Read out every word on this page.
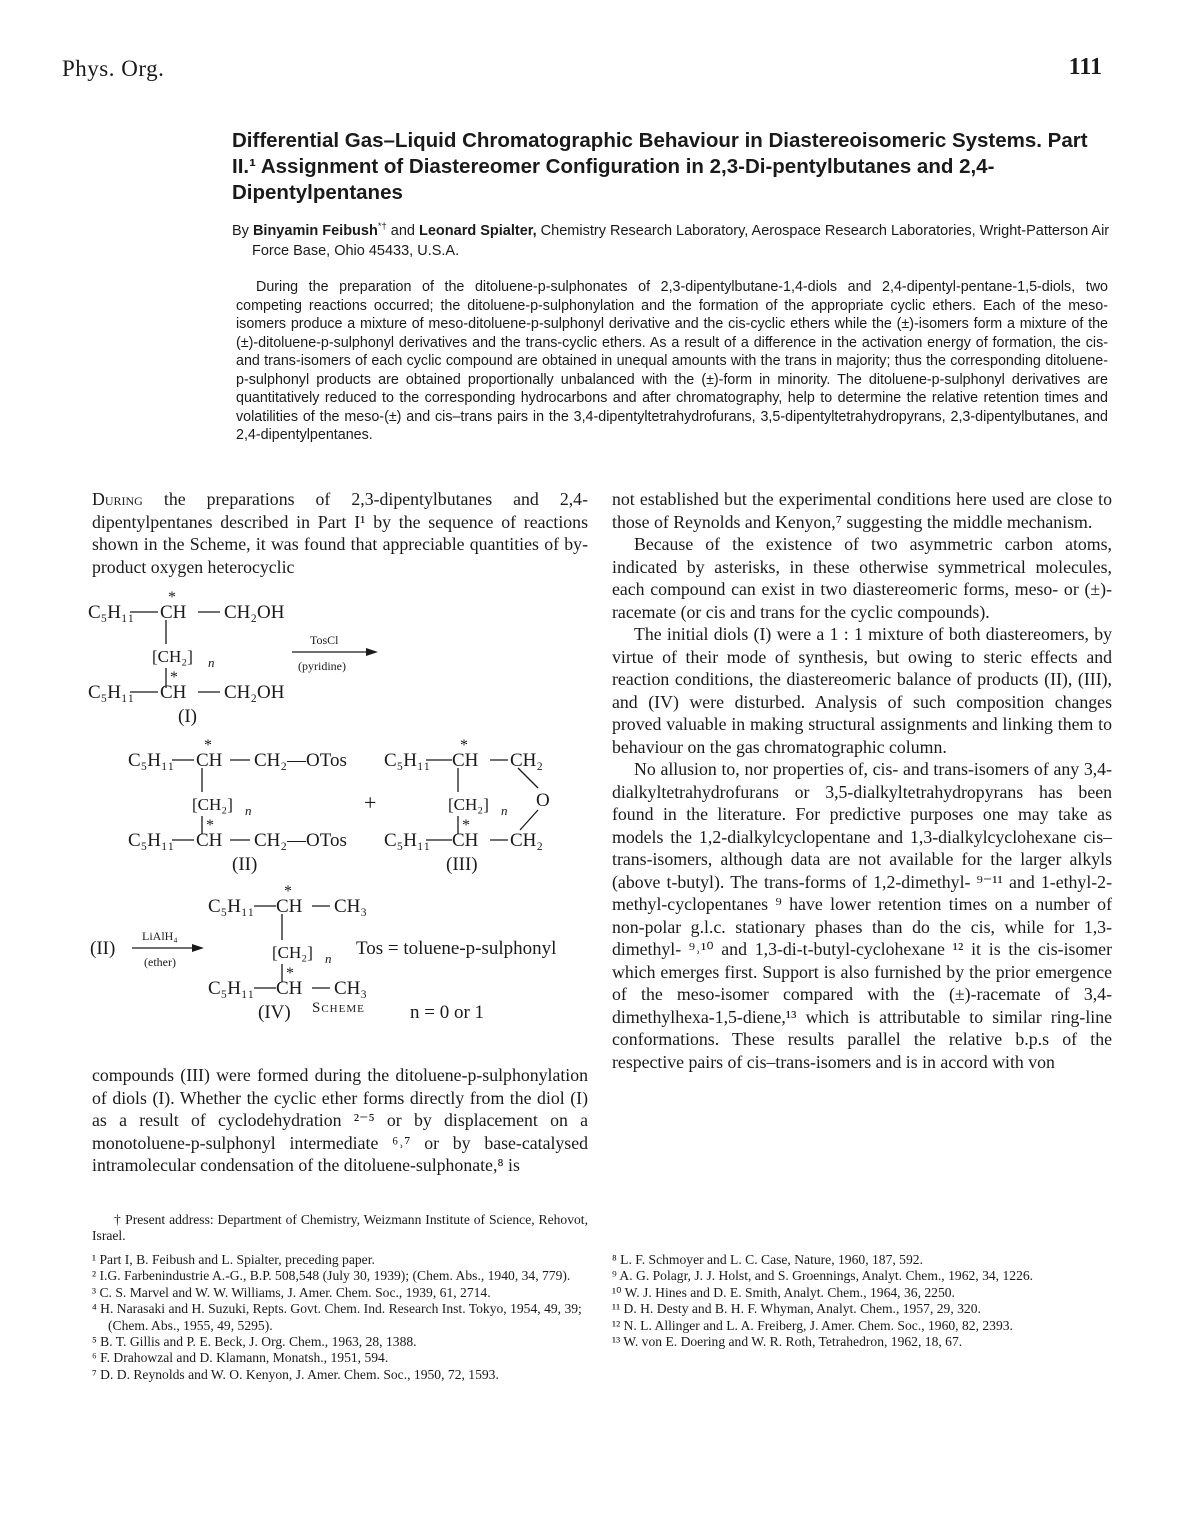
Phys. Org.	111
Differential Gas–Liquid Chromatographic Behaviour in Diastereoisomeric Systems. Part II.¹ Assignment of Diastereomer Configuration in 2,3-Di-pentylbutanes and 2,4-Dipentylpentanes
By Binyamin Feibush*† and Leonard Spialter, Chemistry Research Laboratory, Aerospace Research Laboratories, Wright-Patterson Air Force Base, Ohio 45433, U.S.A.
During the preparation of the ditoluene-p-sulphonates of 2,3-dipentylbutane-1,4-diols and 2,4-dipentyl-pentane-1,5-diols, two competing reactions occurred; the ditoluene-p-sulphonylation and the formation of the appropriate cyclic ethers. Each of the meso-isomers produce a mixture of meso-ditoluene-p-sulphonyl derivative and the cis-cyclic ethers while the (±)-isomers form a mixture of the (±)-ditoluene-p-sulphonyl derivatives and the trans-cyclic ethers. As a result of a difference in the activation energy of formation, the cis- and trans-isomers of each cyclic compound are obtained in unequal amounts with the trans in majority; thus the corresponding ditoluene-p-sulphonyl products are obtained proportionally unbalanced with the (±)-form in minority. The ditoluene-p-sulphonyl derivatives are quantitatively reduced to the corresponding hydrocarbons and after chromatography, help to determine the relative retention times and volatilities of the meso-(±) and cis–trans pairs in the 3,4-dipentyltetrahydrofurans, 3,5-dipentyltetrahydropyrans, 2,3-dipentylbutanes, and 2,4-dipentylpentanes.

During the preparations of 2,3-dipentylbutanes and 2,4-dipentylpentanes described in Part I¹ by the sequence of reactions shown in the Scheme, it was found that appreciable quantities of by-product oxygen heterocyclic

C₅H₁₁ CH CH₂OH
*
[CH₂] n
*
C₅H₁₁ CH CH₂OH
(I)
TosCl
(pyridine)
C₅H₁₁ CH CH₂—OTos
*
[CH₂] n
*
C₅H₁₁ CH CH₂—OTos
(II)
+
C₅H₁₁ CH CH₂
*
[CH₂] n O
*
C₅H₁₁ CH CH₂
(III)
(II)
LiAlH₄
(ether)
C₅H₁₁ CH CH₃
*
[CH₂] n
*
C₅H₁₁ CH CH₃
(IV)
Tos = toluene-p-sulphonyl
n = 0 or 1
Scheme

compounds (III) were formed during the ditoluene-p-sulphonylation of diols (I). Whether the cyclic ether forms directly from the diol (I) as a result of cyclodehydration ²⁻⁵ or by displacement on a monotoluene-p-sulphonyl intermediate ⁶˒⁷ or by base-catalysed intramolecular condensation of the ditoluene-sulphonate,⁸ is

not established but the experimental conditions here used are close to those of Reynolds and Kenyon,⁷ suggesting the middle mechanism.

Because of the existence of two asymmetric carbon atoms, indicated by asterisks, in these otherwise symmetrical molecules, each compound can exist in two diastereomeric forms, meso- or (±)-racemate (or cis and trans for the cyclic compounds).

The initial diols (I) were a 1 : 1 mixture of both diastereomers, by virtue of their mode of synthesis, but owing to steric effects and reaction conditions, the diastereomeric balance of products (II), (III), and (IV) were disturbed. Analysis of such composition changes proved valuable in making structural assignments and linking them to behaviour on the gas chromatographic column.

No allusion to, nor properties of, cis- and trans-isomers of any 3,4-dialkyltetrahydrofurans or 3,5-dialkyltetrahydropyrans has been found in the literature. For predictive purposes one may take as models the 1,2-dialkylcyclopentane and 1,3-dialkylcyclohexane cis–trans-isomers, although data are not available for the larger alkyls (above t-butyl). The trans-forms of 1,2-dimethyl- ⁹⁻¹¹ and 1-ethyl-2-methyl-cyclopentanes ⁹ have lower retention times on a number of non-polar g.l.c. stationary phases than do the cis, while for 1,3-dimethyl- ⁹˒¹⁰ and 1,3-di-t-butyl-cyclohexane ¹² it is the cis-isomer which emerges first. Support is also furnished by the prior emergence of the meso-isomer compared with the (±)-racemate of 3,4-dimethylhexa-1,5-diene,¹³ which is attributable to similar ring-line conformations. These results parallel the relative b.p.s of the respective pairs of cis–trans-isomers and is in accord with von

† Present address: Department of Chemistry, Weizmann Institute of Science, Rehovot, Israel.
¹ Part I, B. Feibush and L. Spialter, preceding paper.
² I.G. Farbenindustrie A.-G., B.P. 508,548 (July 30, 1939); (Chem. Abs., 1940, 34, 779).
³ C. S. Marvel and W. W. Williams, J. Amer. Chem. Soc., 1939, 61, 2714.
⁴ H. Narasaki and H. Suzuki, Repts. Govt. Chem. Ind. Research Inst. Tokyo, 1954, 49, 39; (Chem. Abs., 1955, 49, 5295).
⁵ B. T. Gillis and P. E. Beck, J. Org. Chem., 1963, 28, 1388.
⁶ F. Drahowzal and D. Klamann, Monatsh., 1951, 594.
⁷ D. D. Reynolds and W. O. Kenyon, J. Amer. Chem. Soc., 1950, 72, 1593.
⁸ L. F. Schmoyer and L. C. Case, Nature, 1960, 187, 592.
⁹ A. G. Polagr, J. J. Holst, and S. Groennings, Analyt. Chem., 1962, 34, 1226.
¹⁰ W. J. Hines and D. E. Smith, Analyt. Chem., 1964, 36, 2250.
¹¹ D. H. Desty and B. H. F. Whyman, Analyt. Chem., 1957, 29, 320.
¹² N. L. Allinger and L. A. Freiberg, J. Amer. Chem. Soc., 1960, 82, 2393.
¹³ W. von E. Doering and W. R. Roth, Tetrahedron, 1962, 18, 67.
